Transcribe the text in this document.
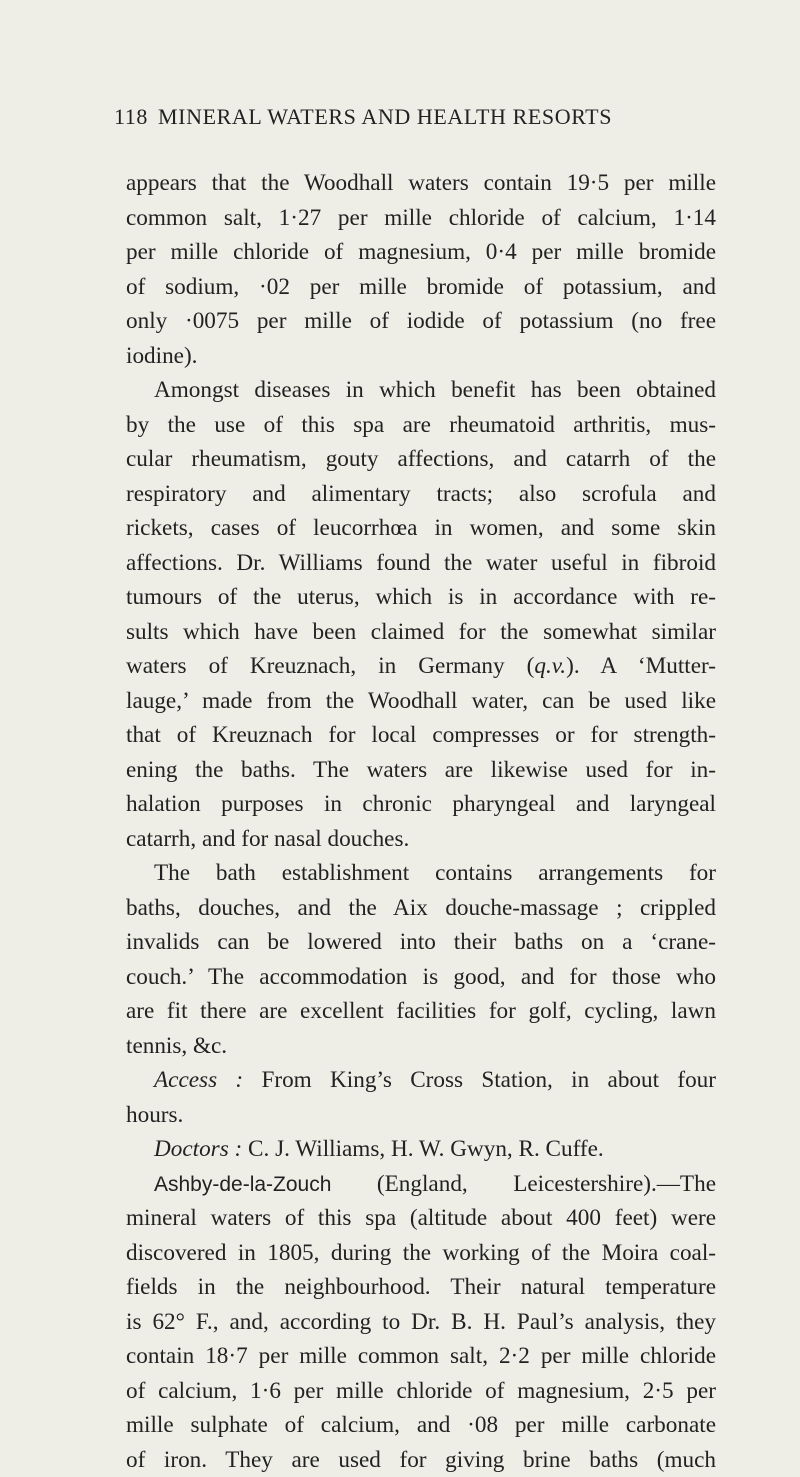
118 MINERAL WATERS AND HEALTH RESORTS
appears that the Woodhall waters contain 19·5 per mille
common salt, 1·27 per mille chloride of calcium, 1·14
per mille chloride of magnesium, 0·4 per mille bromide
of sodium, ·02 per mille bromide of potassium, and
only ·0075 per mille of iodide of potassium (no free
iodine).
Amongst diseases in which benefit has been obtained
by the use of this spa are rheumatoid arthritis, mus-
cular rheumatism, gouty affections, and catarrh of the
respiratory and alimentary tracts; also scrofula and
rickets, cases of leucorrhœa in women, and some skin
affections. Dr. Williams found the water useful in fibroid
tumours of the uterus, which is in accordance with re-
sults which have been claimed for the somewhat similar
waters of Kreuznach, in Germany (q.v.). A ‘Mutter-
lauge,’ made from the Woodhall water, can be used like
that of Kreuznach for local compresses or for strength-
ening the baths. The waters are likewise used for in-
halation purposes in chronic pharyngeal and laryngeal
catarrh, and for nasal douches.
The bath establishment contains arrangements for
baths, douches, and the Aix douche-massage ; crippled
invalids can be lowered into their baths on a ‘crane-
couch.’ The accommodation is good, and for those who
are fit there are excellent facilities for golf, cycling, lawn
tennis, &c.
Access : From King’s Cross Station, in about four
hours.
Doctors : C. J. Williams, H. W. Gwyn, R. Cuffe.
Ashby-de-la-Zouch (England, Leicestershire).—The
mineral waters of this spa (altitude about 400 feet) were
discovered in 1805, during the working of the Moira coal-
fields in the neighbourhood. Their natural temperature
is 62° F., and, according to Dr. B. H. Paul’s analysis, they
contain 18·7 per mille common salt, 2·2 per mille chloride
of calcium, 1·6 per mille chloride of magnesium, 2·5 per
mille sulphate of calcium, and ·08 per mille carbonate
of iron. They are used for giving brine baths (much
